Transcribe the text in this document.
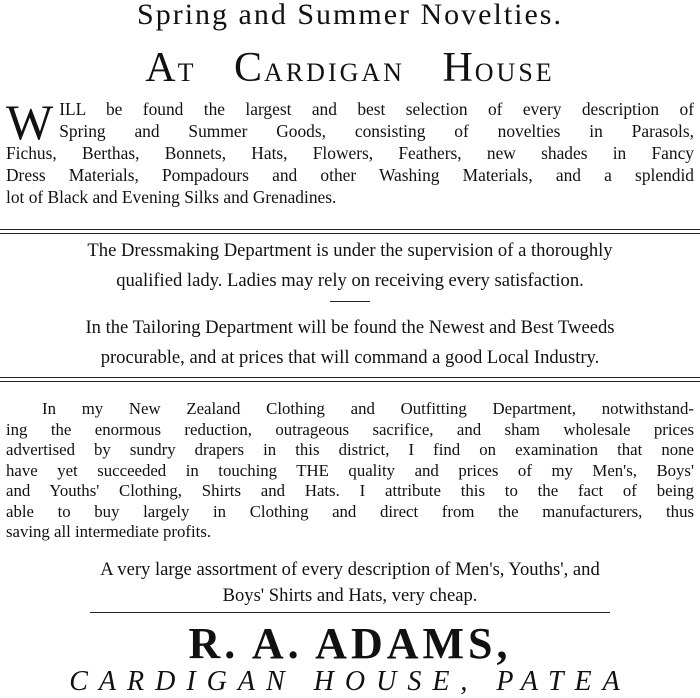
Spring and Summer Novelties.
AT CARDIGAN HOUSE
W ILL be found the largest and best selection of every description of
Spring and Summer Goods, consisting of novelties in Parasols,
Fichus, Berthas, Bonnets, Hats, Flowers, Feathers, new shades in Fancy
Dress Materials, Pompadours and other Washing Materials, and a splendid
lot of Black and Evening Silks and Grenadines.
The Dressmaking Department is under the supervision of a thoroughly
qualified lady. Ladies may rely on receiving every satisfaction.
In the Tailoring Department will be found the Newest and Best Tweeds
procurable, and at prices that will command a good Local Industry.
In my New Zealand Clothing and Outfitting Department, notwithstand-
ing the enormous reduction, outrageous sacrifice, and sham wholesale prices
advertised by sundry drapers in this district, I find on examination that none
have yet succeeded in touching THE quality and prices of my Men's, Boys'
and Youths' Clothing, Shirts and Hats. I attribute this to the fact of being
able to buy largely in Clothing and direct from the manufacturers, thus
saving all intermediate profits.
A very large assortment of every description of Men's, Youths', and
Boys' Shirts and Hats, very cheap.
R. A. ADAMS,
CARDIGAN HOUSE, PATEA
